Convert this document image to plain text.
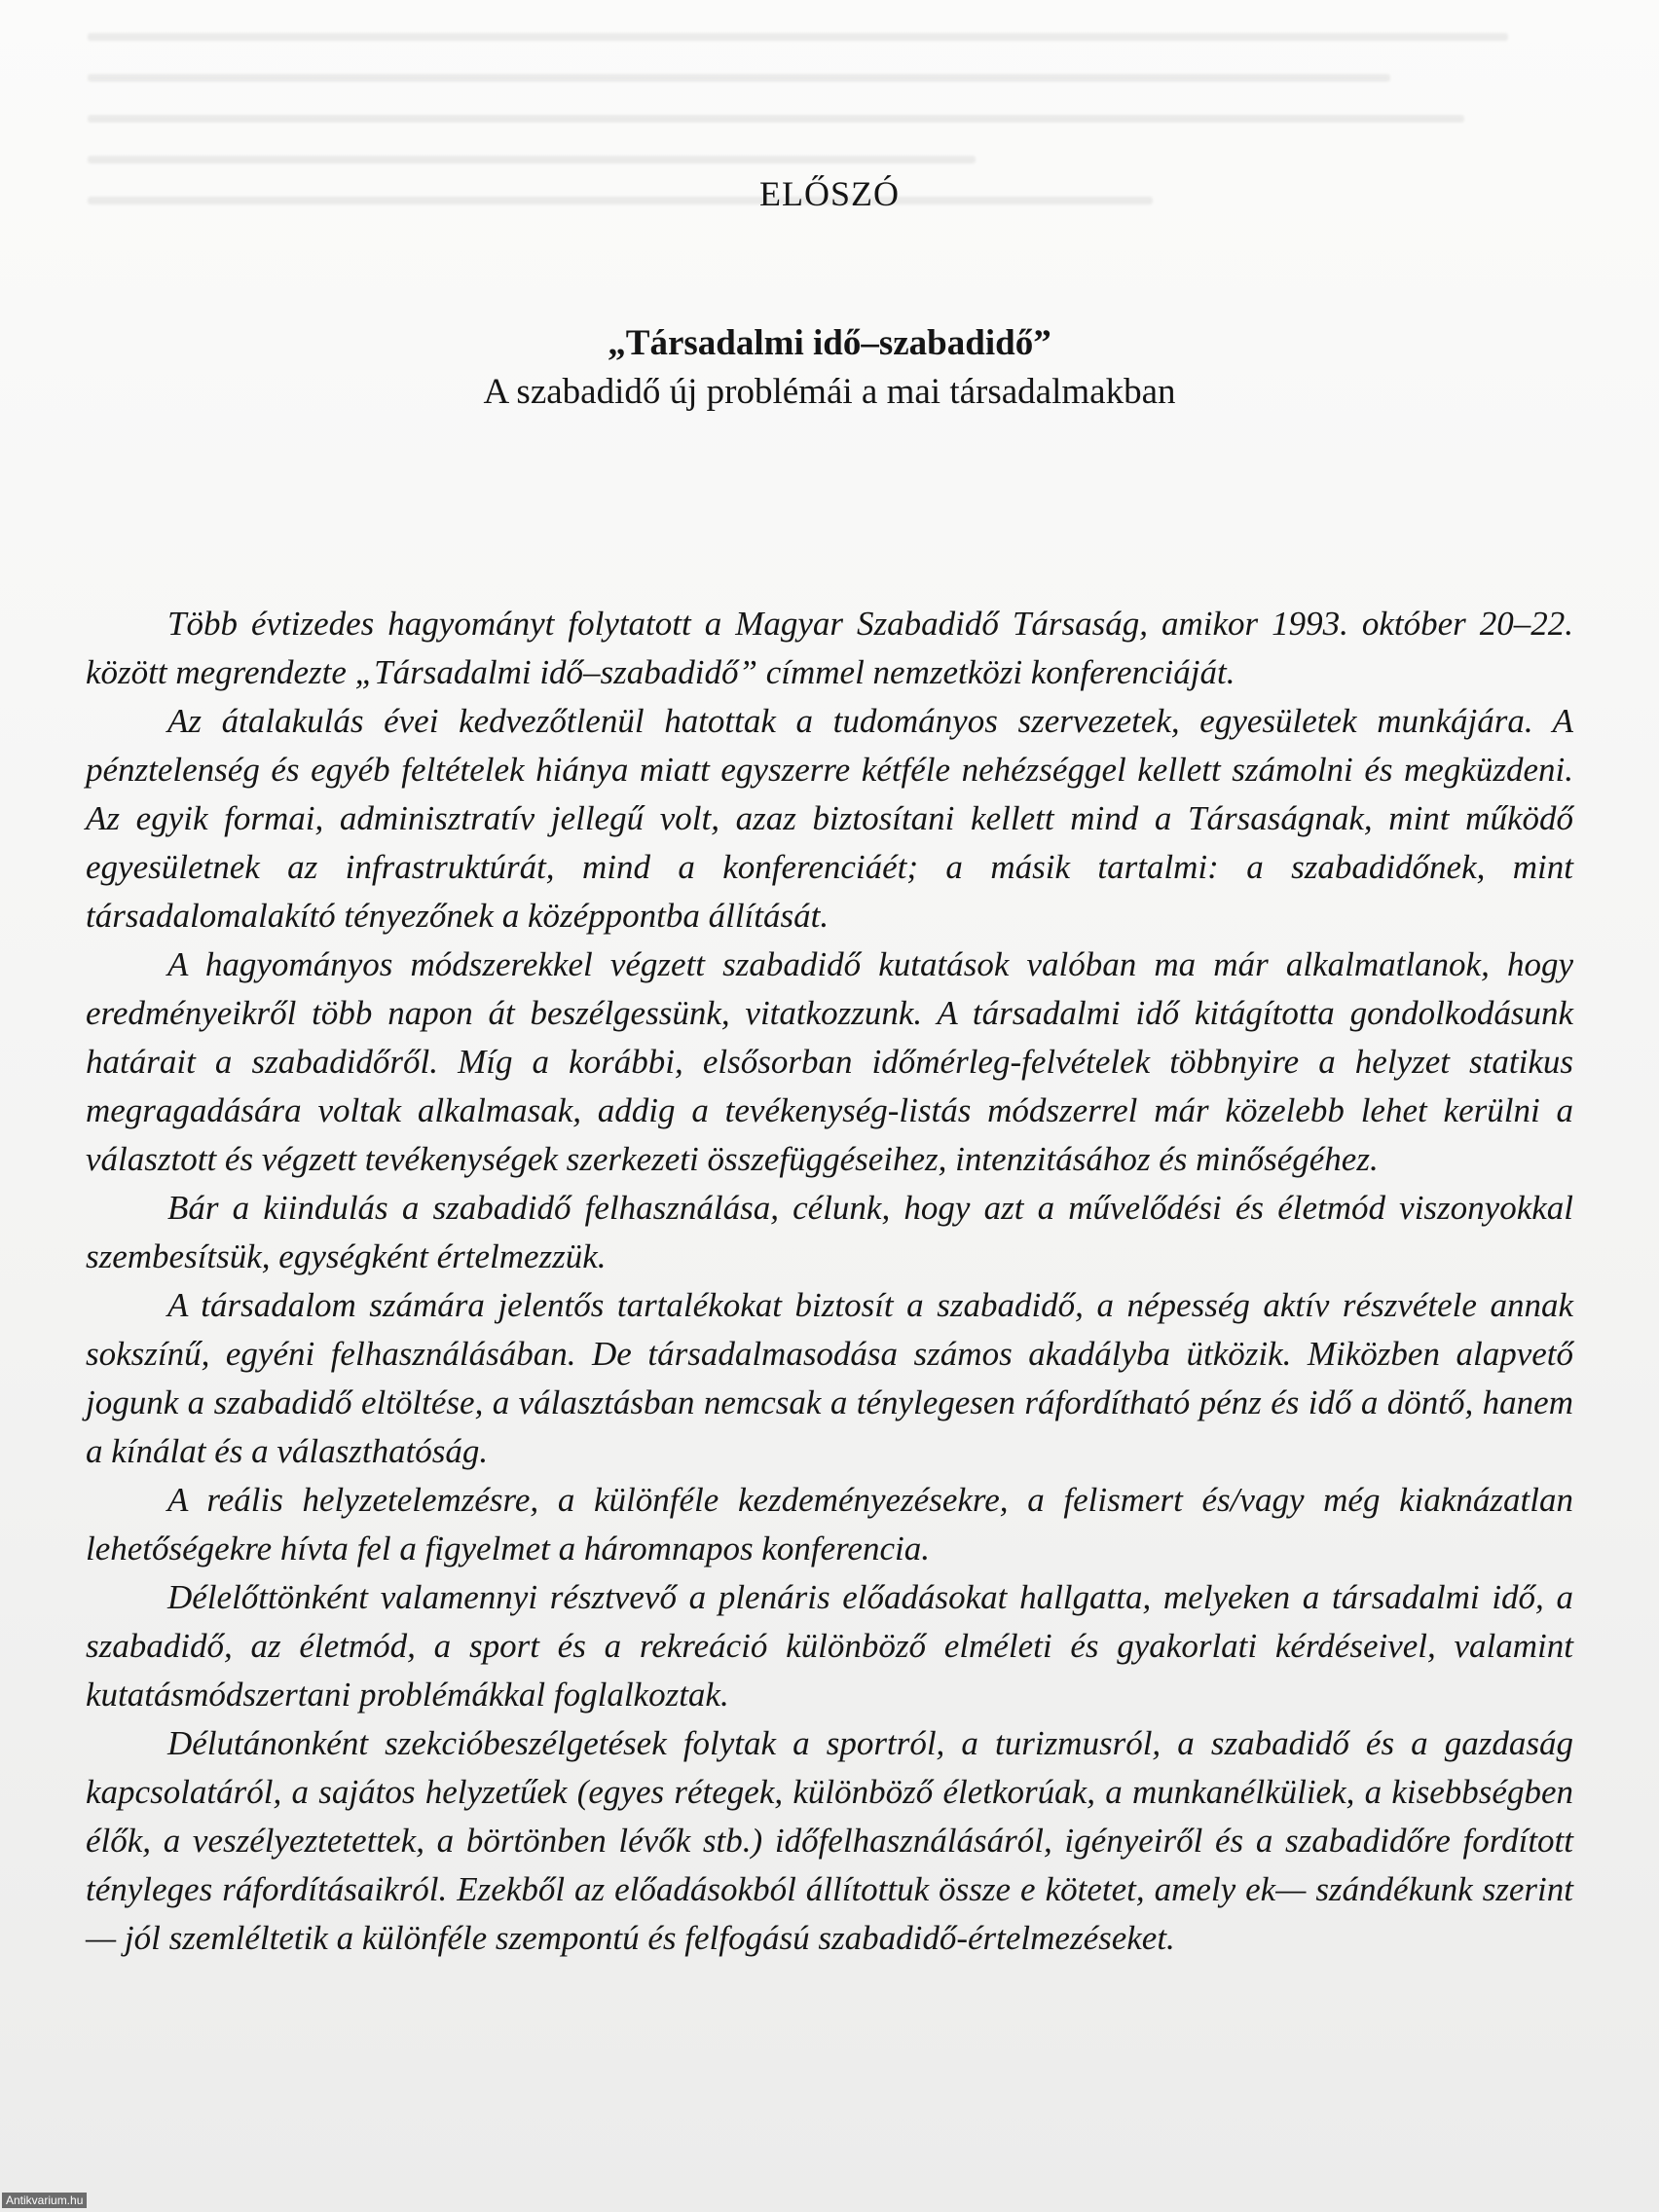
ELŐSZÓ
„Társadalmi idő–szabadidő”
A szabadidő új problémái a mai társadalmakban

Több évtizedes hagyományt folytatott a Magyar Szabadidő Társaság, amikor 1993. október 20–22. között megrendezte „Társadalmi idő–szabadidő” címmel nemzetközi konferenciáját.

Az átalakulás évei kedvezőtlenül hatottak a tudományos szervezetek, egyesületek munkájára. A pénztelenség és egyéb feltételek hiánya miatt egyszerre kétféle nehézséggel kellett számolni és megküzdeni. Az egyik formai, adminisztratív jellegű volt, azaz biztosítani kellett mind a Társaságnak, mint működő egyesületnek az infrastruktúrát, mind a konferenciáét; a másik tartalmi: a szabadidőnek, mint társadalomalakító tényezőnek a középpontba állítását.

A hagyományos módszerekkel végzett szabadidő kutatások valóban ma már alkalmatlanok, hogy eredményeikről több napon át beszélgessünk, vitatkozzunk. A társadalmi idő kitágította gondolkodásunk határait a szabadidőről. Míg a korábbi, elsősorban időmérleg-felvételek többnyire a helyzet statikus megragadására voltak alkalmasak, addig a tevékenység-listás módszerrel már közelebb lehet kerülni a választott és végzett tevékenységek szerkezeti összefüggéseihez, intenzitásához és minőségéhez.

Bár a kiindulás a szabadidő felhasználása, célunk, hogy azt a művelődési és életmód viszonyokkal szembesítsük, egységként értelmezzük.

A társadalom számára jelentős tartalékokat biztosít a szabadidő, a népesség aktív részvétele annak sokszínű, egyéni felhasználásában. De társadalmasodása számos akadályba ütközik. Miközben alapvető jogunk a szabadidő eltöltése, a választásban nemcsak a ténylegesen ráfordítható pénz és idő a döntő, hanem a kínálat és a választhatóság.

A reális helyzetelemzésre, a különféle kezdeményezésekre, a felismert és/vagy még kiaknázatlan lehetőségekre hívta fel a figyelmet a háromnapos konferencia.

Délelőttönként valamennyi résztvevő a plenáris előadásokat hallgatta, melyeken a társadalmi idő, a szabadidő, az életmód, a sport és a rekreáció különböző elméleti és gyakorlati kérdéseivel, valamint kutatásmódszertani problémákkal foglalkoztak.

Délutánonként szekcióbeszélgetések folytak a sportról, a turizmusról, a szabadidő és a gazdaság kapcsolatáról, a sajátos helyzetűek (egyes rétegek, különböző életkorúak, a munkanélküliek, a kisebbségben élők, a veszélyeztetettek, a börtönben lévők stb.) időfelhasználásáról, igényeiről és a szabadidőre fordított tényleges ráfordításaikról. Ezekből az előadásokból állítottuk össze e kötetet, amely ek— szándékunk szerint — jól szemléltetik a különféle szempontú és felfogású szabadidő-értelmezéseket.

Antikvarium.hu
